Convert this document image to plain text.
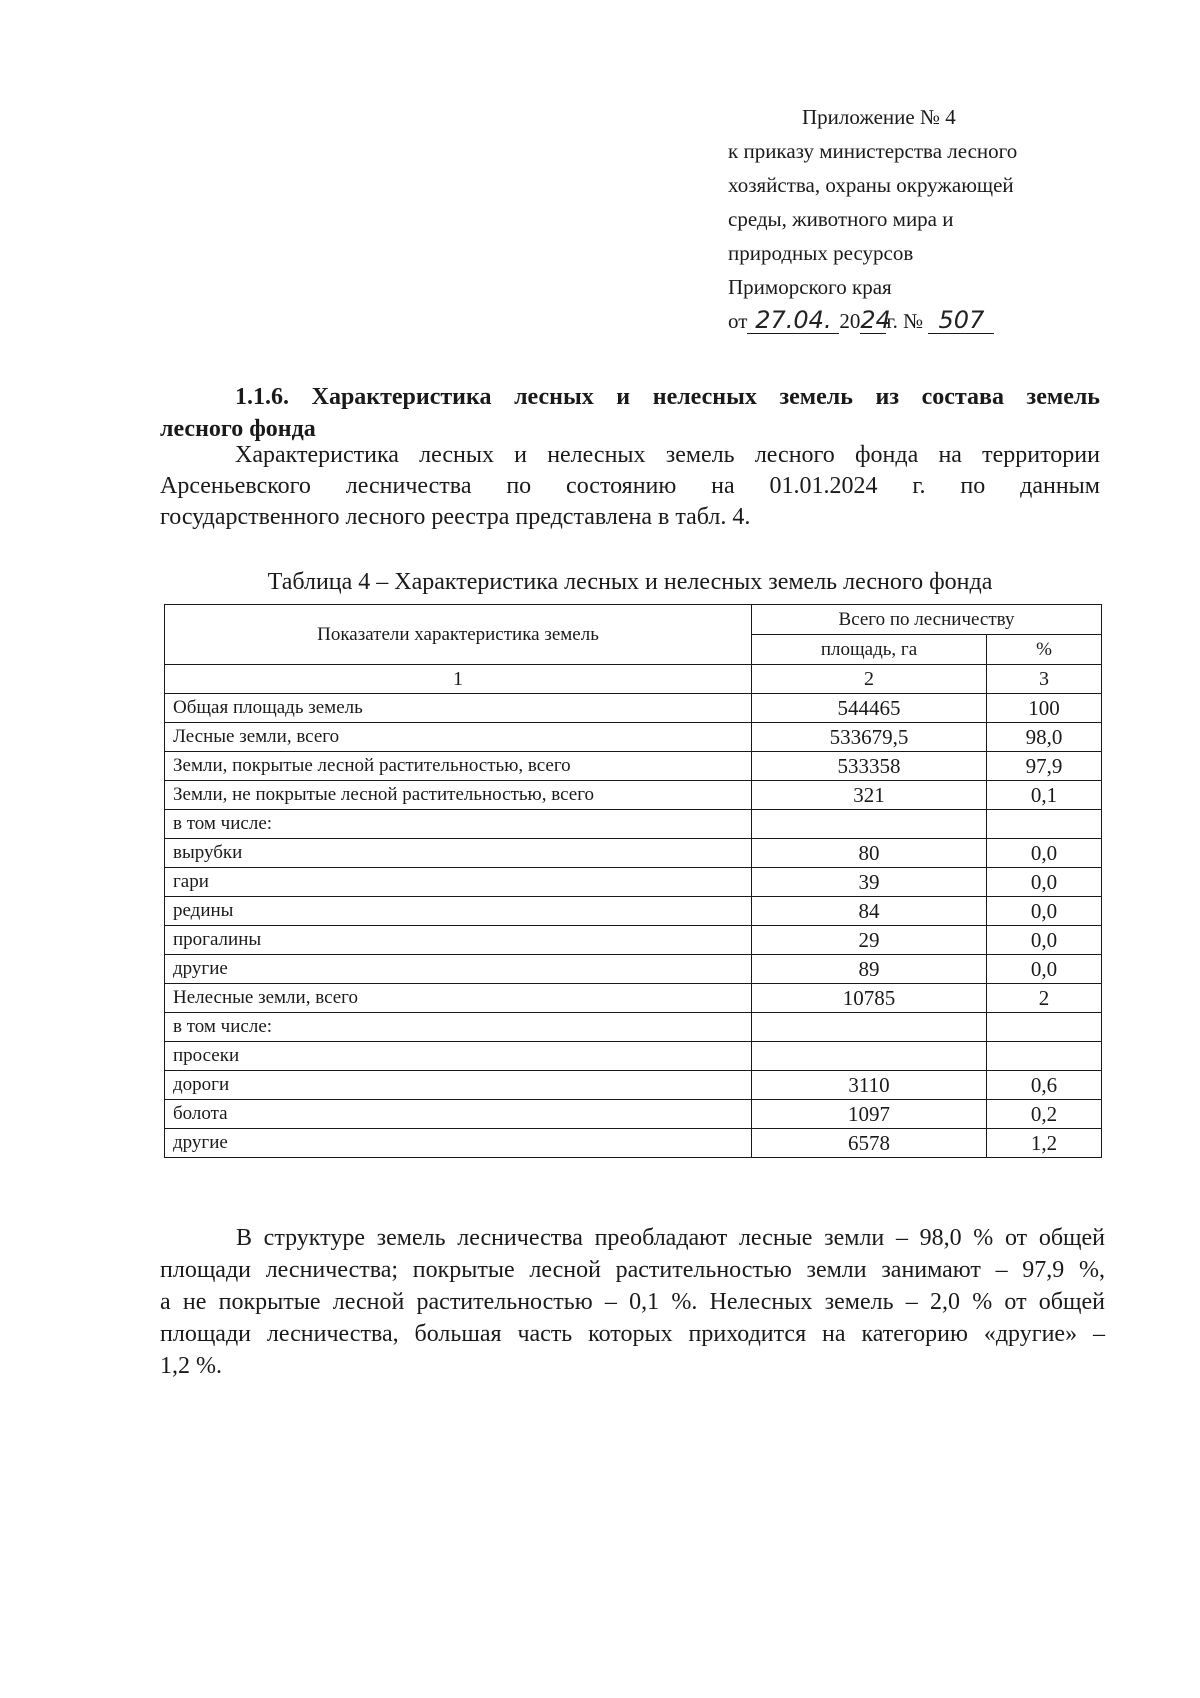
Приложение № 4
к приказу министерства лесного
хозяйства, охраны окружающей
среды, животного мира и
природных ресурсов
Приморского края
от 27.04. 2024г. № 507
1.1.6. Характеристика лесных и нелесных земель из состава земель
лесного фонда
Характеристика лесных и нелесных земель лесного фонда на территории
Арсеньевского лесничества по состоянию на 01.01.2024 г. по данным
государственного лесного реестра представлена в табл. 4.
Таблица 4 – Характеристика лесных и нелесных земель лесного фонда
Показатели характеристика земель	Всего по лесничеству	
	площадь, га	%
1	2	3
Общая площадь земель	544465	100
Лесные земли, всего	533679,5	98,0
Земли, покрытые лесной растительностью, всего	533358	97,9
Земли, не покрытые лесной растительностью, всего	321	0,1
в том числе:		
вырубки	80	0,0
гари	39	0,0
редины	84	0,0
прогалины	29	0,0
другие	89	0,0
Нелесные земли, всего	10785	2
в том числе:		
просеки		
дороги	3110	0,6
болота	1097	0,2
другие	6578	1,2
В структуре земель лесничества преобладают лесные земли – 98,0 % от общей
площади лесничества; покрытые лесной растительностью земли занимают – 97,9 %,
а не покрытые лесной растительностью – 0,1 %. Нелесных земель – 2,0 % от общей
площади лесничества, большая часть которых приходится на категорию «другие» –
1,2 %.
